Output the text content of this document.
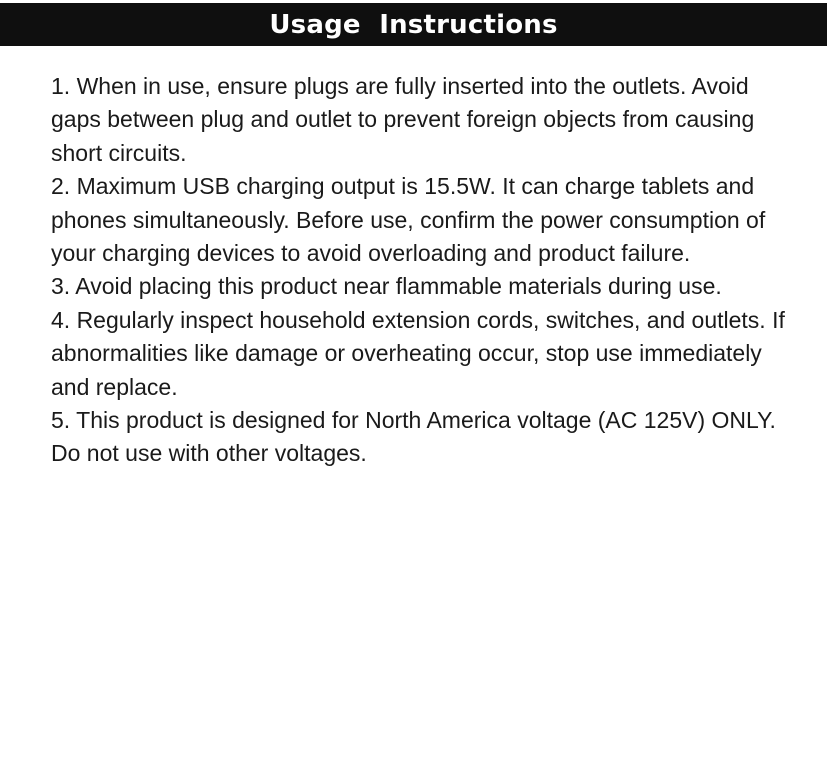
Usage  Instructions

1. When in use, ensure plugs are fully inserted into the outlets. Avoid gaps between plug and outlet to prevent foreign objects from causing short circuits.

2. Maximum USB charging output is 15.5W. It can charge tablets and phones simultaneously. Before use, confirm the power consumption of your charging devices to avoid overloading and product failure.

3. Avoid placing this product near flammable materials during use.

4. Regularly inspect household extension cords, switches, and outlets. If abnormalities like damage or overheating occur, stop use immediately and replace.

5. This product is designed for North America voltage (AC 125V) ONLY. Do not use with other voltages.
